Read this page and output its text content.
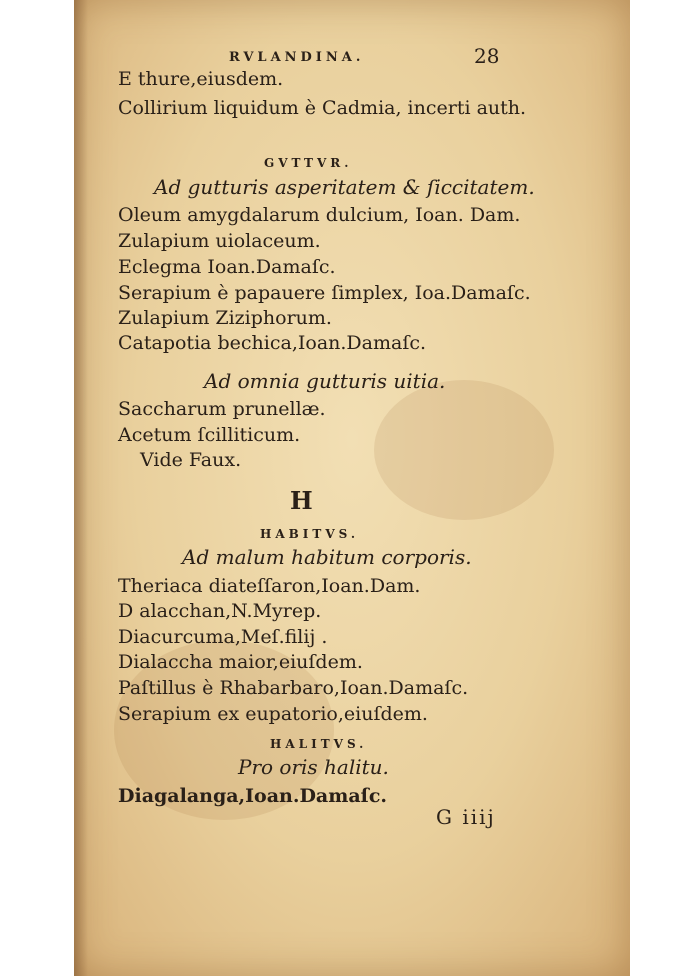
RVLANDINA.	28
E thure,eiusdem.
Collirium liquidum è Cadmia, incerti auth.
GVTTVR.
Ad gutturis asperitatem & ſiccitatem.
Oleum amygdalarum dulcium, Ioan. Dam.
Zulapium uiolaceum.
Eclegma Ioan.Damaſc.
Serapium è papauere ſimplex, Ioa.Damaſc.
Zulapium Ziziphorum.
Catapotia bechica,Ioan.Damaſc.
Ad omnia gutturis uitia.
Saccharum prunellæ.
Acetum ſcilliticum.
Vide Faux.
H
HABITVS.
Ad malum habitum corporis.
Theriaca diateſſaron,Ioan.Dam.
D alacchan,N.Myrep.
Diacurcuma,Meſ.filij .
Dialaccha maior,eiuſdem.
Paſtillus è Rhabarbaro,Ioan.Damaſc.
Serapium ex eupatorio,eiuſdem.
HALITVS.
Pro oris halitu.
Diagalanga,Ioan.Damaſc.
G iiij
